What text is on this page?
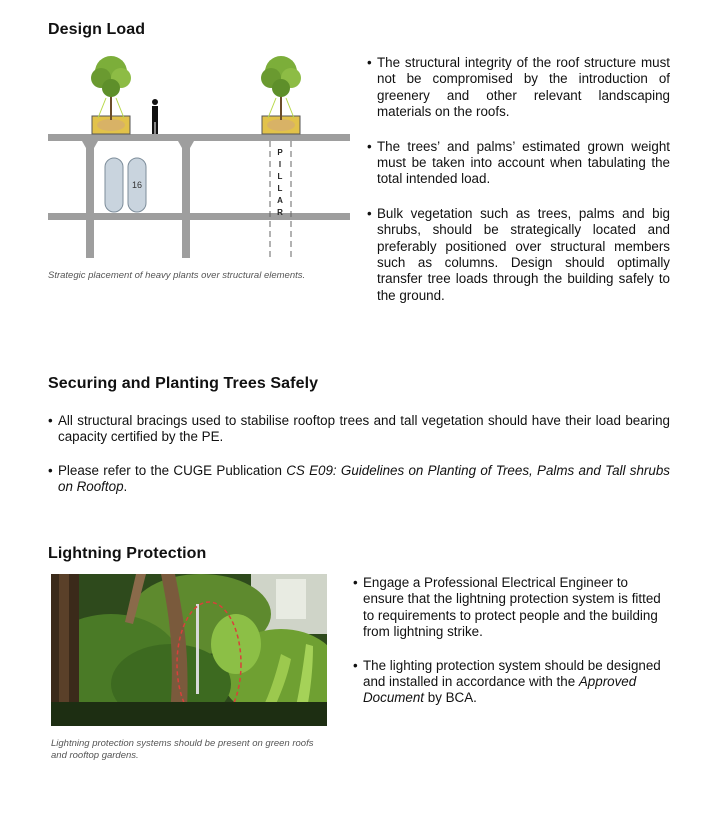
Design Load
P
I
L
L
A
R
16
Strategic placement of heavy plants over structural elements.
• The structural integrity of the roof structure must not be compromised by the introduction of greenery and other relevant landscaping materials on the roofs.
• The trees’ and palms’ estimated grown weight must be taken into account when tabulating the total intended load.
• Bulk vegetation such as trees, palms and big shrubs, should be strategically located and preferably positioned over structural members such as columns. Design should optimally transfer tree loads through the building safely to the ground.
Securing and Planting Trees Safely
• All structural bracings used to stabilise rooftop trees and tall vegetation should have their load bearing capacity certified by the PE.
• Please refer to the CUGE Publication CS E09: Guidelines on Planting of Trees, Palms and Tall shrubs on Rooftop.
Lightning Protection
Lightning protection systems should be present on green roofs and rooftop gardens.
• Engage a Professional Electrical Engineer to ensure that the lightning protection system is fitted to requirements to protect people and the building from lightning strike.
• The lighting protection system should be designed and installed in accordance with the Approved Document by BCA.
